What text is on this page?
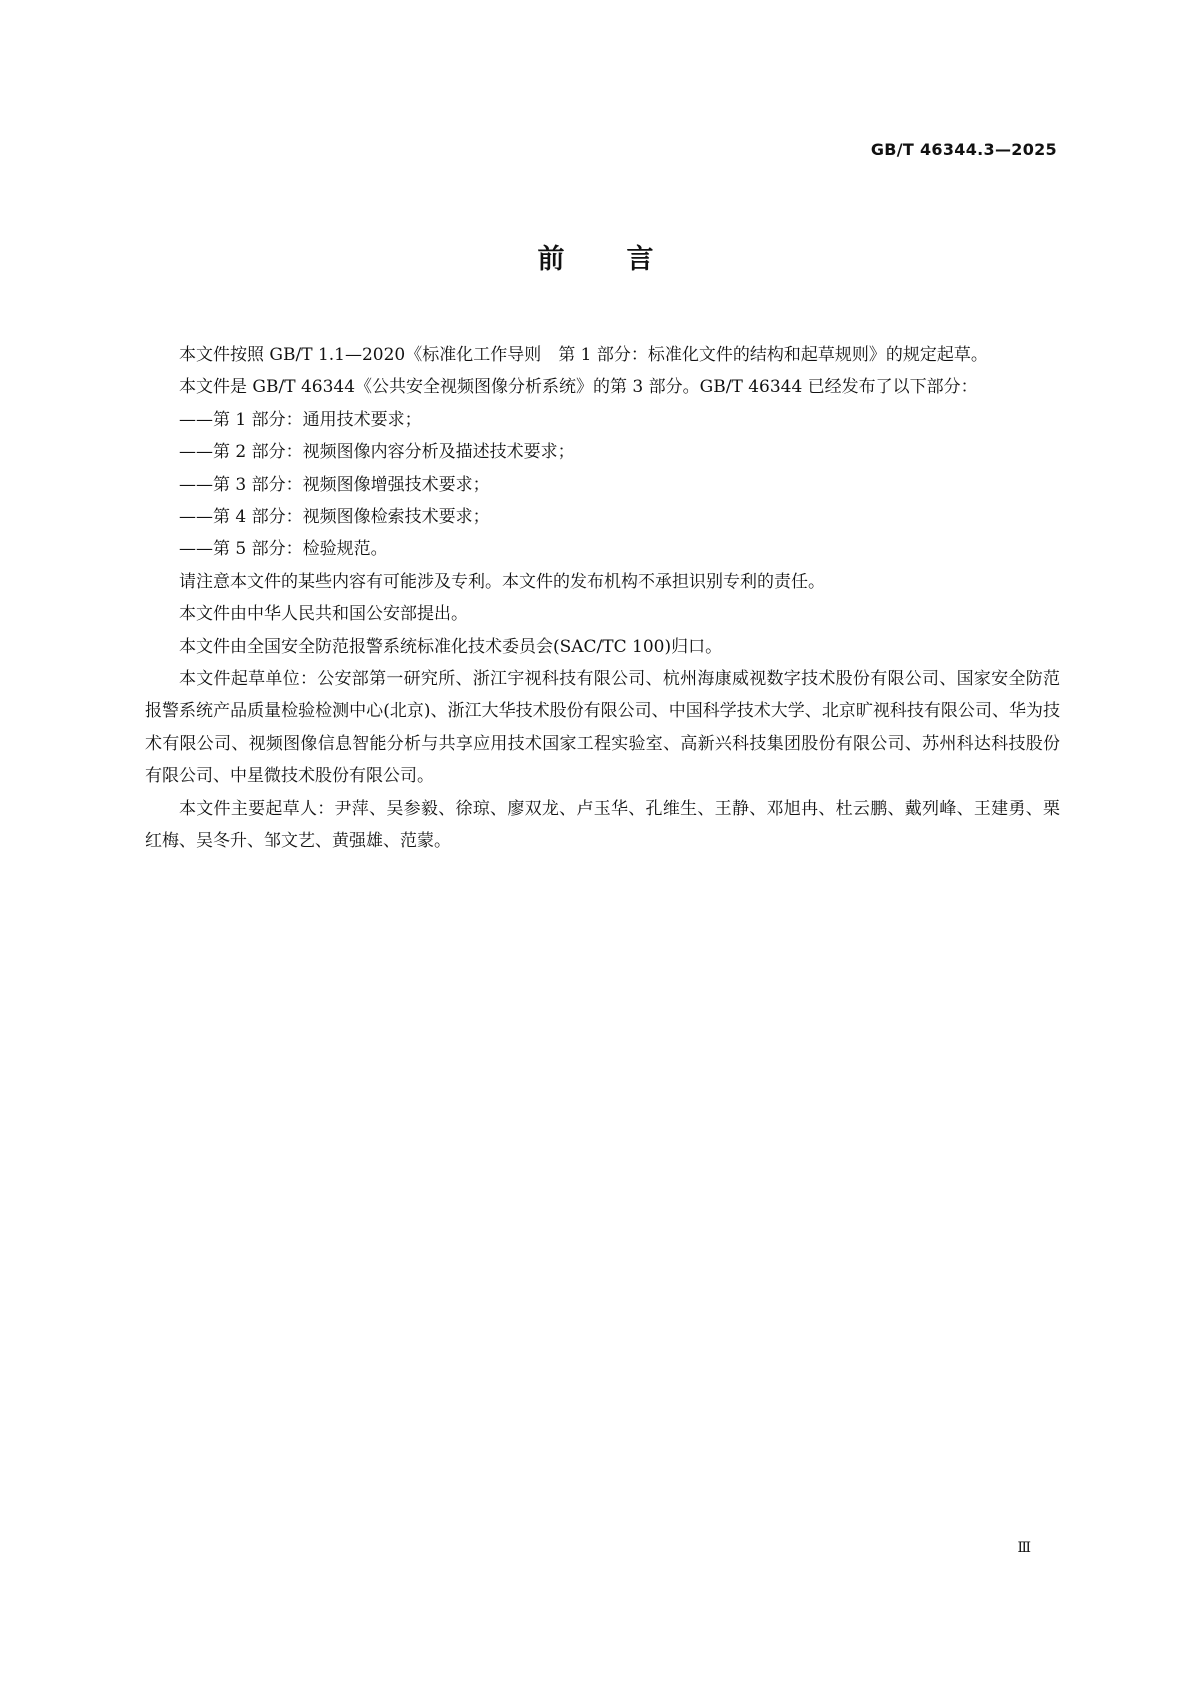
GB/T 46344.3—2025
前言

本文件按照 GB/T 1.1—2020《标准化工作导则　第 1 部分：标准化文件的结构和起草规则》的规定起草。

本文件是 GB/T 46344《公共安全视频图像分析系统》的第 3 部分。GB/T 46344 已经发布了以下部分：

——第 1 部分：通用技术要求；
——第 2 部分：视频图像内容分析及描述技术要求；
——第 3 部分：视频图像增强技术要求；
——第 4 部分：视频图像检索技术要求；
——第 5 部分：检验规范。

请注意本文件的某些内容有可能涉及专利。本文件的发布机构不承担识别专利的责任。

本文件由中华人民共和国公安部提出。

本文件由全国安全防范报警系统标准化技术委员会(SAC/TC 100)归口。

本文件起草单位：公安部第一研究所、浙江宇视科技有限公司、杭州海康威视数字技术股份有限公司、国家安全防范报警系统产品质量检验检测中心(北京)、浙江大华技术股份有限公司、中国科学技术大学、北京旷视科技有限公司、华为技术有限公司、视频图像信息智能分析与共享应用技术国家工程实验室、高新兴科技集团股份有限公司、苏州科达科技股份有限公司、中星微技术股份有限公司。

本文件主要起草人：尹萍、吴参毅、徐琼、廖双龙、卢玉华、孔维生、王静、邓旭冉、杜云鹏、戴列峰、王建勇、栗红梅、吴冬升、邹文艺、黄强雄、范蒙。

Ⅲ
